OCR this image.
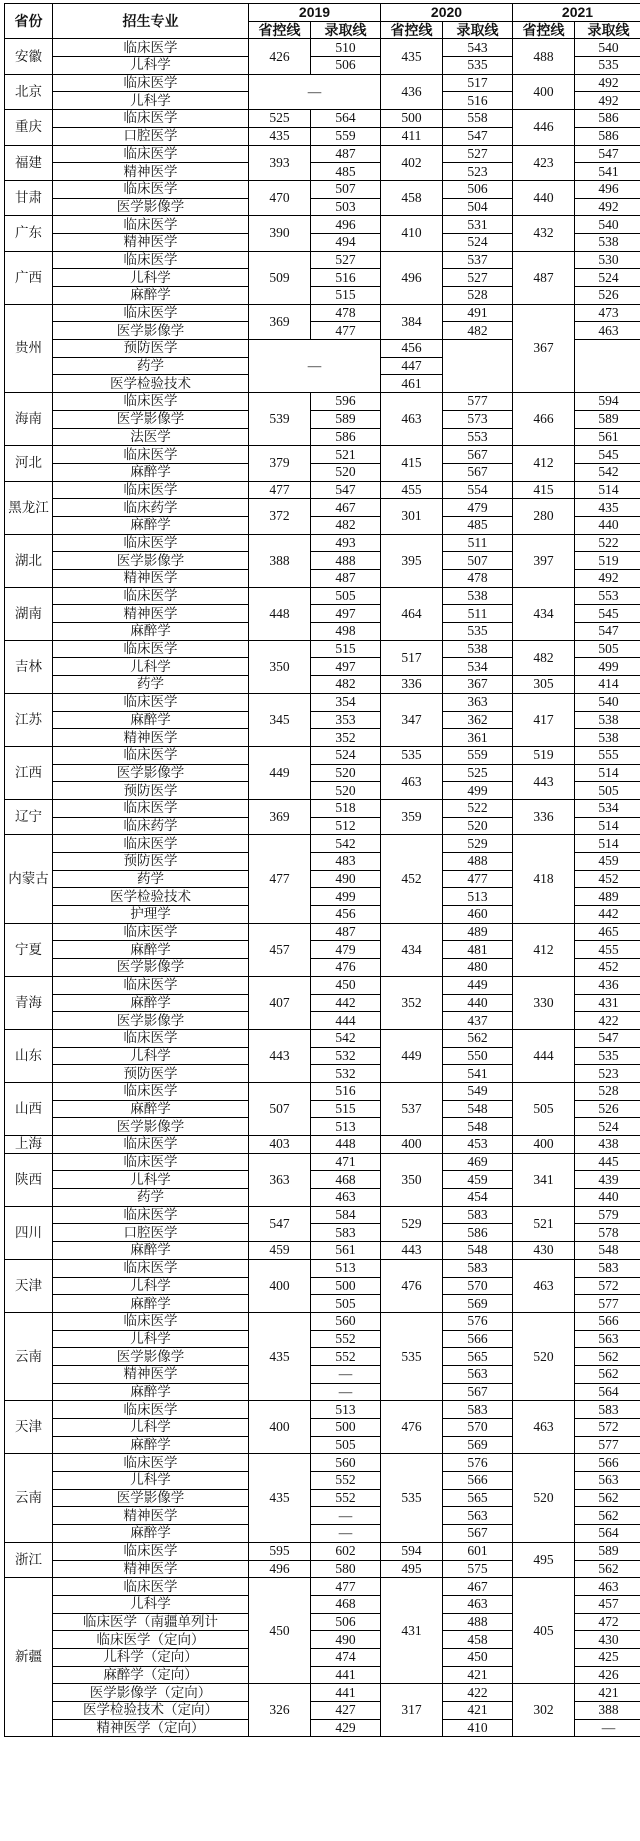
省份	招生专业	2019		2020		2021	
		省控线	录取线	省控线	录取线	省控线	录取线
安徽	临床医学	426	510	435	543	488	540
	儿科学		506		535		535
北京	临床医学	—		436	517	400	492
	儿科学				516		492
重庆	临床医学	525	564	500	558	446	586
	口腔医学	435	559	411	547		586
福建	临床医学	393	487	402	527	423	547
	精神医学		485		523		541
甘肃	临床医学	470	507	458	506	440	496
	医学影像学		503		504		492
广东	临床医学	390	496	410	531	432	540
	精神医学		494		524		538
广西	临床医学	509	527	496	537	487	530
	儿科学		516		527		524
	麻醉学		515		528		526
贵州	临床医学	369	478	384	491	367	473
	医学影像学		477		482		463
	预防医学	—		456			
	药学			447			
	医学检验技术			461			
海南	临床医学	539	596	463	577	466	594
	医学影像学		589		573		589
	法医学		586		553		561
河北	临床医学	379	521	415	567	412	545
	麻醉学		520		567		542
黑龙江	临床医学	477	547	455	554	415	514
	临床药学	372	467	301	479	280	435
	麻醉学		482		485		440
湖北	临床医学	388	493	395	511	397	522
	医学影像学		488		507		519
	精神医学		487		478		492
湖南	临床医学	448	505	464	538	434	553
	精神医学		497		511		545
	麻醉学		498		535		547
吉林	临床医学	350	515	517	538	482	505
	儿科学		497		534		499
	药学		482	336	367	305	414
江苏	临床医学	345	354	347	363	417	540
	麻醉学		353		362		538
	精神医学		352		361		538
江西	临床医学	449	524	535	559	519	555
	医学影像学		520	463	525	443	514
	预防医学		520		499		505
辽宁	临床医学	369	518	359	522	336	534
	临床药学		512		520		514
内蒙古	临床医学	477	542	452	529	418	514
	预防医学		483		488		459
	药学		490		477		452
	医学检验技术		499		513		489
	护理学		456		460		442
宁夏	临床医学	457	487	434	489	412	465
	麻醉学		479		481		455
	医学影像学		476		480		452
青海	临床医学	407	450	352	449	330	436
	麻醉学		442		440		431
	医学影像学		444		437		422
山东	临床医学	443	542	449	562	444	547
	儿科学		532		550		535
	预防医学		532		541		523
山西	临床医学	507	516	537	549	505	528
	麻醉学		515		548		526
	医学影像学		513		548		524
上海	临床医学	403	448	400	453	400	438
陕西	临床医学	363	471	350	469	341	445
	儿科学		468		459		439
	药学		463		454		440
四川	临床医学	547	584	529	583	521	579
	口腔医学		583		586		578
	麻醉学	459	561	443	548	430	548
天津	临床医学	400	513	476	583	463	583
	儿科学		500		570		572
	麻醉学		505		569		577
云南	临床医学	435	560	535	576	520	566
	儿科学		552		566		563
	医学影像学		552		565		562
	精神医学		—		563		562
	麻醉学		—		567		564
天津	临床医学	400	513	476	583	463	583
	儿科学		500		570		572
	麻醉学		505		569		577
云南	临床医学	435	560	535	576	520	566
	儿科学		552		566		563
	医学影像学		552		565		562
	精神医学		—		563		562
	麻醉学		—		567		564
浙江	临床医学	595	602	594	601	495	589
	精神医学	496	580	495	575		562
新疆	临床医学	450	477	431	467	405	463
	儿科学		468		463		457
	临床医学（南疆单列计		506		488		472
	临床医学（定向）		490		458		430
	儿科学（定向）		474		450		425
	麻醉学（定向）		441		421		426
	医学影像学（定向）	326	441	317	422	302	421
	医学检验技术（定向）		427		421		388
	精神医学（定向）		429		410		—
